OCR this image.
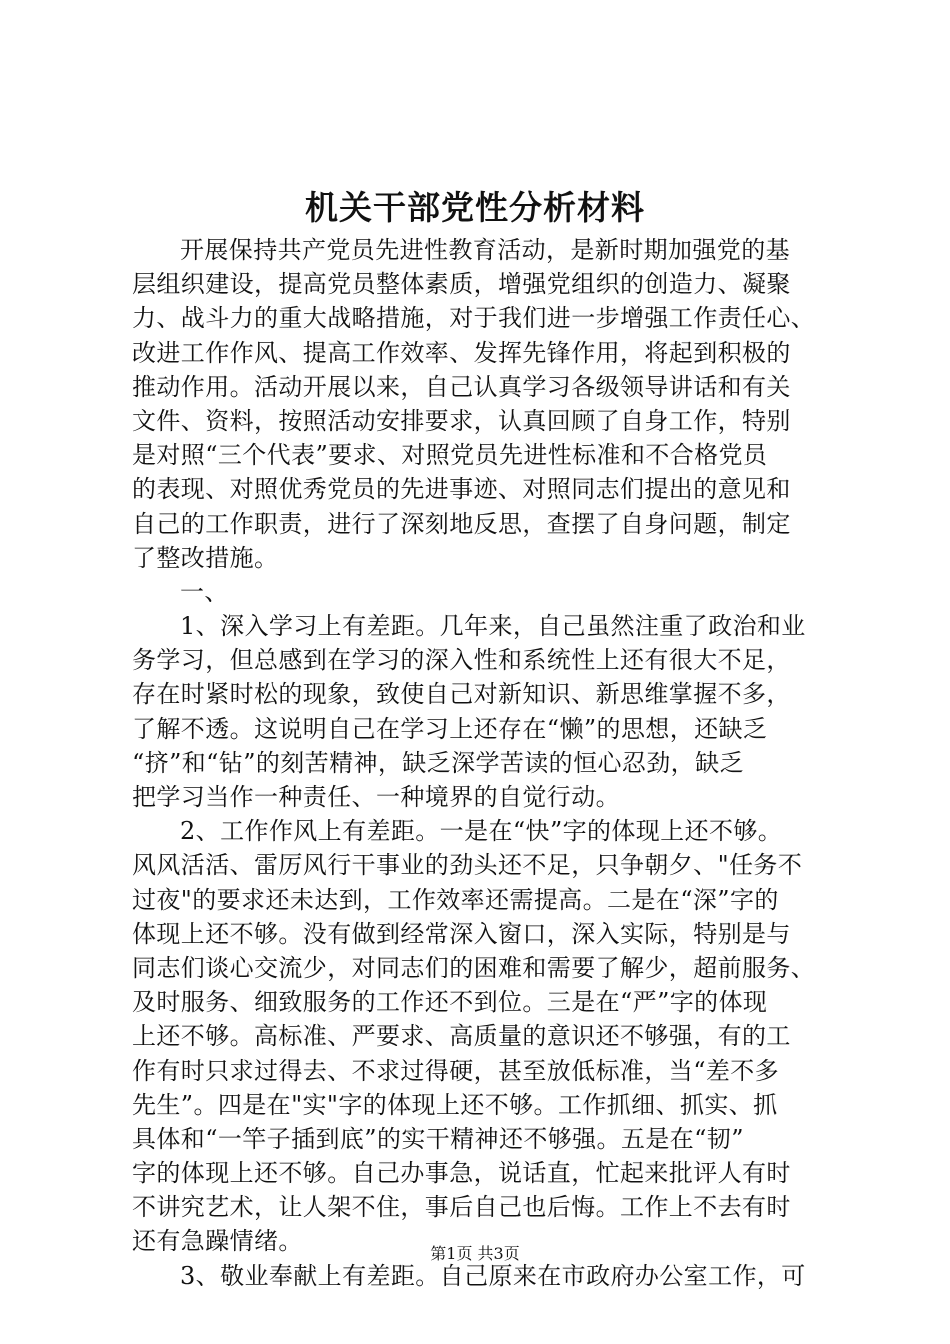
机关干部党性分析材料
开展保持共产党员先进性教育活动，是新时期加强党的基
层组织建设，提高党员整体素质，增强党组织的创造力、凝聚
力、战斗力的重大战略措施，对于我们进一步增强工作责任心、
改进工作作风、提高工作效率、发挥先锋作用，将起到积极的
推动作用。活动开展以来，自己认真学习各级领导讲话和有关
文件、资料，按照活动安排要求，认真回顾了自身工作，特别
是对照“三个代表”要求、对照党员先进性标准和不合格党员
的表现、对照优秀党员的先进事迹、对照同志们提出的意见和
自己的工作职责，进行了深刻地反思，查摆了自身问题，制定
了整改措施。
一、
1、深入学习上有差距。几年来，自己虽然注重了政治和业
务学习，但总感到在学习的深入性和系统性上还有很大不足，
存在时紧时松的现象，致使自己对新知识、新思维掌握不多，
了解不透。这说明自己在学习上还存在“懒”的思想，还缺乏
“挤”和“钻”的刻苦精神，缺乏深学苦读的恒心忍劲，缺乏
把学习当作一种责任、一种境界的自觉行动。
2、工作作风上有差距。一是在“快”字的体现上还不够。
风风活活、雷厉风行干事业的劲头还不足，只争朝夕、"任务不
过夜"的要求还未达到，工作效率还需提高。二是在“深”字的
体现上还不够。没有做到经常深入窗口，深入实际，特别是与
同志们谈心交流少，对同志们的困难和需要了解少，超前服务、
及时服务、细致服务的工作还不到位。三是在“严”字的体现
上还不够。高标准、严要求、高质量的意识还不够强，有的工
作有时只求过得去、不求过得硬，甚至放低标准，当“差不多
先生”。四是在"实"字的体现上还不够。工作抓细、抓实、抓
具体和“一竿子插到底”的实干精神还不够强。五是在“韧”
字的体现上还不够。自己办事急，说话直，忙起来批评人有时
不讲究艺术，让人架不住，事后自己也后悔。工作上不去有时
还有急躁情绪。
3、敬业奉献上有差距。自己原来在市政府办公室工作，可
第1页 共3页
